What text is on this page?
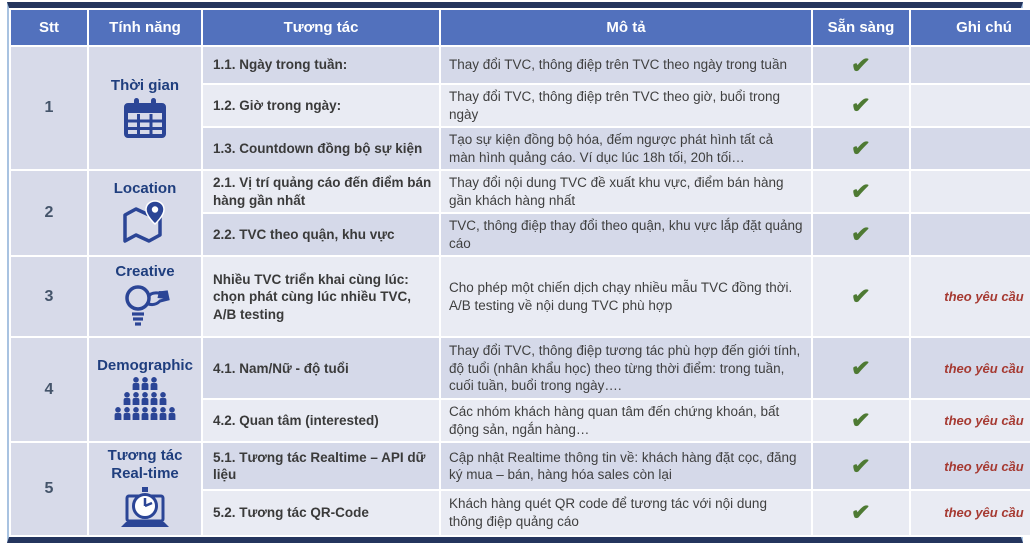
Stt	Tính năng	Tương tác	Mô tả	Sẵn sàng	Ghi chú
1	Thời gian	1.1. Ngày trong tuần:	Thay đổi TVC, thông điệp trên TVC theo ngày trong tuần	✔	
		1.2. Giờ trong ngày:	Thay đổi TVC, thông điệp trên TVC theo giờ, buổi trong ngày	✔	
		1.3. Countdown đồng bộ sự kiện	Tạo sự kiện đồng bộ hóa, đếm ngược phát hình tất cả màn hình quảng cáo. Ví dục lúc 18h tối, 20h tối…	✔	
2	Location	2.1. Vị trí quảng cáo đến điểm bán hàng gần nhất	Thay đổi nội dung TVC đề xuất khu vực, điểm bán hàng gần khách hàng nhất	✔	
		2.2. TVC theo quận, khu vực	TVC, thông điệp thay đổi theo quận, khu vực lắp đặt quảng cáo	✔	
3	Creative	Nhiều TVC triển khai cùng lúc: chọn phát cùng lúc nhiều TVC, A/B testing	Cho phép một chiến dịch chạy nhiều mẫu TVC đồng thời. A/B testing về nội dung TVC phù hợp	✔	theo yêu cầu
4	Demographic	4.1. Nam/Nữ - độ tuổi	Thay đổi TVC, thông điệp tương tác phù hợp đến giới tính, độ tuổi (nhân khẩu học) theo từng thời điểm: trong tuần, cuối tuần, buổi trong ngày….	✔	theo yêu cầu
		4.2. Quan tâm (interested)	Các nhóm khách hàng quan tâm đến chứng khoán, bất động sản, ngắn hàng…	✔	theo yêu cầu
5	Tương tác Real-time	5.1. Tương tác Realtime – API dữ liệu	Cập nhật Realtime thông tin về: khách hàng đặt cọc, đăng ký mua – bán, hàng hóa sales còn lại	✔	theo yêu cầu
		5.2. Tương tác QR-Code	Khách hàng quét QR code để tương tác với nội dung thông điệp quảng cáo	✔	theo yêu cầu
